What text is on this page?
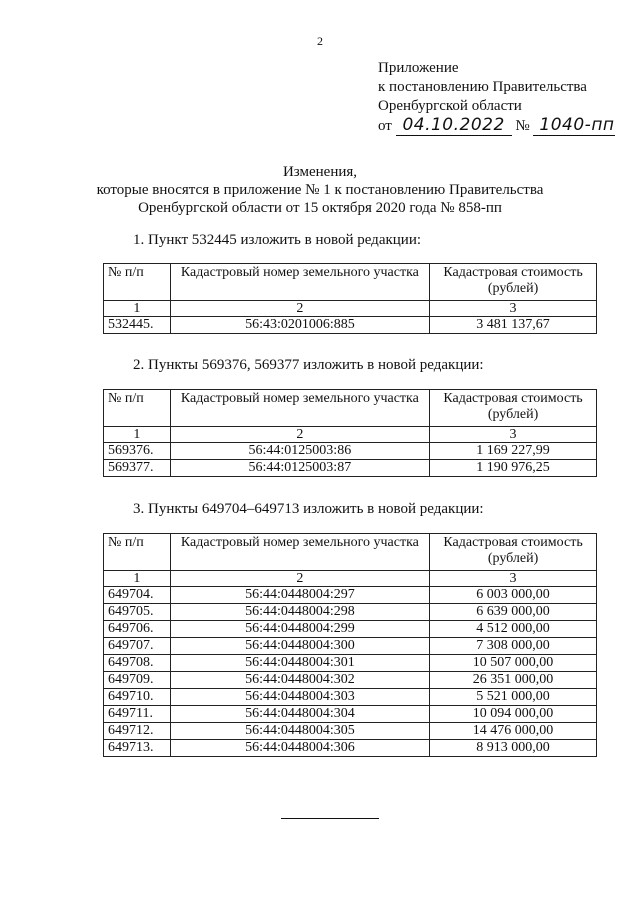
2
Приложение
к постановлению Правительства
Оренбургской области
от 04.10.2022 № 1040-пп
Изменения,
которые вносятся в приложение № 1 к постановлению Правительства
Оренбургской области от 15 октября 2020 года № 858-пп
1. Пункт 532445 изложить в новой редакции:
№ п/п	Кадастровый номер земельного участка	Кадастровая стоимость (рублей)
1	2	3
532445.	56:43:0201006:885	3 481 137,67
2. Пункты 569376, 569377 изложить в новой редакции:
№ п/п	Кадастровый номер земельного участка	Кадастровая стоимость (рублей)
1	2	3
569376.	56:44:0125003:86	1 169 227,99
569377.	56:44:0125003:87	1 190 976,25
3. Пункты 649704–649713 изложить в новой редакции:
№ п/п	Кадастровый номер земельного участка	Кадастровая стоимость (рублей)
1	2	3
649704.	56:44:0448004:297	6 003 000,00
649705.	56:44:0448004:298	6 639 000,00
649706.	56:44:0448004:299	4 512 000,00
649707.	56:44:0448004:300	7 308 000,00
649708.	56:44:0448004:301	10 507 000,00
649709.	56:44:0448004:302	26 351 000,00
649710.	56:44:0448004:303	5 521 000,00
649711.	56:44:0448004:304	10 094 000,00
649712.	56:44:0448004:305	14 476 000,00
649713.	56:44:0448004:306	8 913 000,00
